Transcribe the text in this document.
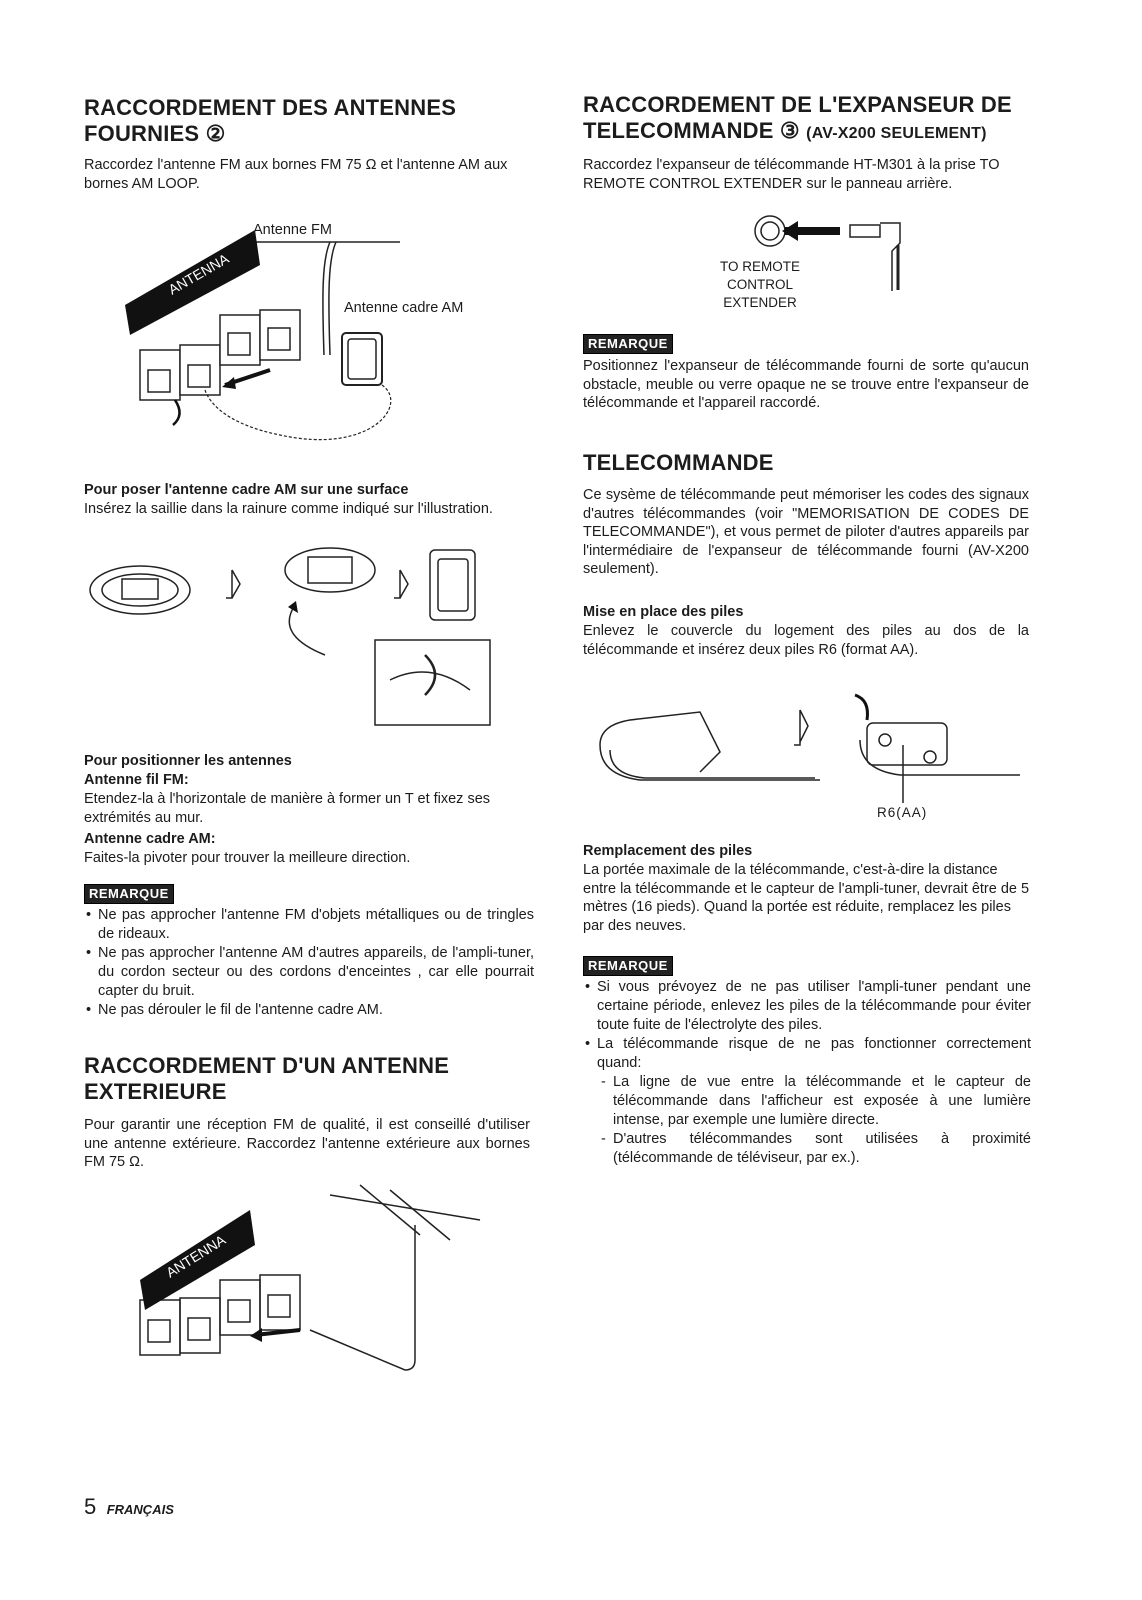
RACCORDEMENT DES ANTENNES
FOURNIES ②
Raccordez l'antenne FM aux bornes FM 75 Ω et l'antenne AM aux bornes AM LOOP.
ANTENNA
Antenne FM
Antenne cadre AM
Pour poser l'antenne cadre AM sur une surface
Insérez la saillie dans la rainure comme indiqué sur l'illustration.
Pour positionner les antennes
Antenne fil FM:
Etendez-la à l'horizontale de manière à former un T et fixez ses extrémités au mur.
Antenne cadre AM:
Faites-la pivoter pour trouver la meilleure direction.
REMARQUE
• Ne pas approcher l'antenne FM d'objets métalliques ou de tringles de rideaux.
• Ne pas approcher l'antenne AM d'autres appareils, de l'ampli-tuner, du cordon secteur ou des cordons d'enceintes , car elle pourrait capter du bruit.
• Ne pas dérouler le fil de l'antenne cadre AM.
RACCORDEMENT D'UN ANTENNE
EXTERIEURE
Pour garantir une réception FM de qualité, il est conseillé d'utiliser une antenne extérieure. Raccordez l'antenne extérieure aux bornes FM 75 Ω.
ANTENNA
5 FRANÇAIS
RACCORDEMENT DE L'EXPANSEUR DE
TELECOMMANDE ③ (AV-X200 SEULEMENT)
Raccordez l'expanseur de télécommande HT-M301 à la prise TO REMOTE CONTROL EXTENDER sur le panneau arrière.
TO REMOTE
CONTROL
EXTENDER
REMARQUE
Positionnez l'expanseur de télécommande fourni de sorte qu'aucun obstacle, meuble ou verre opaque ne se trouve entre l'expanseur de télécommande et l'appareil raccordé.
TELECOMMANDE
Ce sysème de télécommande peut mémoriser les codes des signaux d'autres télécommandes (voir "MEMORISATION DE CODES DE TELECOMMANDE"), et vous permet de piloter d'autres appareils par l'intermédiaire de l'expanseur de télécommande fourni (AV-X200 seulement).
Mise en place des piles
Enlevez le couvercle du logement des piles au dos de la télécommande et insérez deux piles R6 (format AA).
R6(AA)
Remplacement des piles
La portée maximale de la télécommande, c'est-à-dire la distance entre la télécommande et le capteur de l'ampli-tuner, devrait être de 5 mètres (16 pieds). Quand la portée est réduite, remplacez les piles par des neuves.
REMARQUE
• Si vous prévoyez de ne pas utiliser l'ampli-tuner pendant une certaine période, enlevez les piles de la télécommande pour éviter toute fuite de l'électrolyte des piles.
• La télécommande risque de ne pas fonctionner correctement quand:
- La ligne de vue entre la télécommande et le capteur de télécommande dans l'afficheur est exposée à une lumière intense, par exemple une lumière directe.
- D'autres télécommandes sont utilisées à proximité (télécommande de téléviseur, par ex.).
